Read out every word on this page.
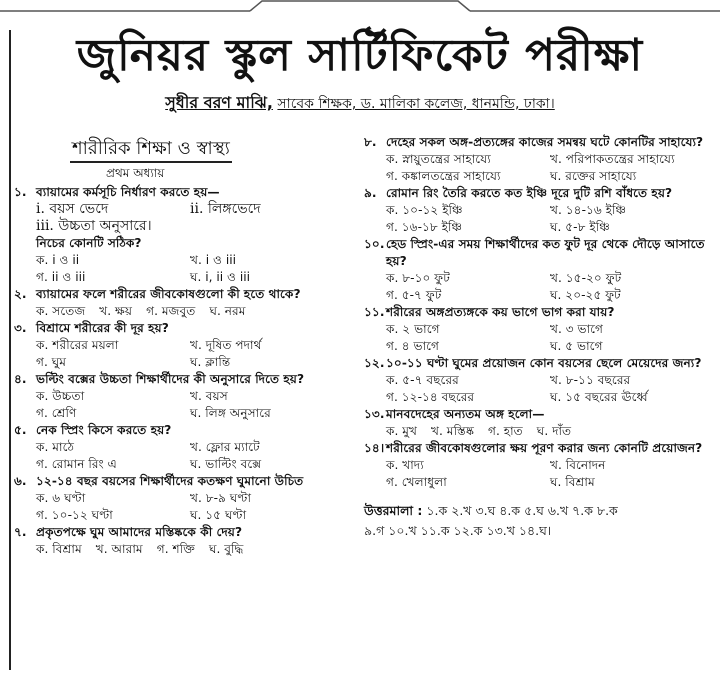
জুনিয়র স্কুল সার্টিফিকেট পরীক্ষা
সুধীর বরণ মাঝি, সাবেক শিক্ষক, ড. মালিকা কলেজ, ধানমন্ডি, ঢাকা।
শারীরিক শিক্ষা ও স্বাস্থ্য
প্রথম অধ্যায়
১. ব্যায়ামের কর্মসূচি নির্ধারণ করতে হয়—
i. বয়স ভেদে	ii. লিঙ্গভেদে
iii. উচ্চতা অনুসারে।
নিচের কোনটি সঠিক?
ক. i ও ii	খ. i ও iii
গ. ii ও iii	ঘ. i, ii ও iii
২. ব্যায়ামের ফলে শরীরের জীবকোষগুলো কী হতে থাকে?
ক. সতেজ খ. ক্ষয় গ. মজবুত ঘ. নরম
৩. বিশ্রামে শরীরের কী দূর হয়?
ক. শরীরের ময়লা	খ. দূষিত পদার্থ
গ. ঘুম	ঘ. ক্লান্তি
৪. ভল্টিং বক্সের উচ্চতা শিক্ষার্থীদের কী অনুসারে দিতে হয়?
ক. উচ্চতা	খ. বয়স
গ. শ্রেণি	ঘ. লিঙ্গ অনুসারে
৫. নেক স্প্রিং কিসে করতে হয়?
ক. মাঠে	খ. ফ্লোর ম্যাটে
গ. রোমান রিং এ	ঘ. ভাল্টিং বক্সে
৬. ১২-১৪ বছর বয়সের শিক্ষার্থীদের কতক্ষণ ঘুমানো উচিত
ক. ৬ ঘণ্টা	খ. ৮-৯ ঘণ্টা
গ. ১০-১২ ঘণ্টা	ঘ. ১৫ ঘণ্টা
৭. প্রকৃতপক্ষে ঘুম আমাদের মস্তিষ্ককে কী দেয়?
ক. বিশ্রাম খ. আরাম গ. শক্তি ঘ. বুদ্ধি
৮. দেহের সকল অঙ্গ-প্রত্যঙ্গের কাজের সমন্বয় ঘটে কোনটির সাহায্যে?
ক. স্নায়ুতন্ত্রের সাহায্যে	খ. পরিপাকতন্ত্রের সাহায্যে
গ. কঙ্কালতন্ত্রের সাহায্যে	ঘ. রক্তের সাহায্যে
৯. রোমান রিং তৈরি করতে কত ইঞ্চি দূরে দুটি রশি বাঁধতে হয়?
ক. ১০-১২ ইঞ্চি	খ. ১৪-১৬ ইঞ্চি
গ. ১৬-১৮ ইঞ্চি	ঘ. ৫-৮ ইঞ্চি
১০. হেড স্প্রিং-এর সময় শিক্ষার্থীদের কত ফুট দূর থেকে দৌড়ে আসাতে হয়?
ক. ৮-১০ ফুট	খ. ১৫-২০ ফুট
গ. ৫-৭ ফুট	ঘ. ২০-২৫ ফুট
১১. শরীরের অঙ্গপ্রত্যঙ্গকে কয় ভাগে ভাগ করা যায়?
ক. ২ ভাগে	খ. ৩ ভাগে
গ. ৪ ভাগে	ঘ. ৫ ভাগে
১২. ১০-১১ ঘণ্টা ঘুমের প্রয়োজন কোন বয়সের ছেলে মেয়েদের জন্য?
ক. ৫-৭ বছরের	খ. ৮-১১ বছরের
গ. ১২-১৪ বছরের	ঘ. ১৫ বছরের ঊর্ধ্বে
১৩. মানবদেহের অন্যতম অঙ্গ হলো—
ক. মুখ খ. মস্তিষ্ক গ. হাত ঘ. দাঁত
১৪। শরীরের জীবকোষগুলোর ক্ষয় পূরণ করার জন্য কোনটি প্রয়োজন?
ক. খাদ্য	খ. বিনোদন
গ. খেলাধুলা	ঘ. বিশ্রাম
উত্তরমালা : ১.ক ২.খ ৩.ঘ ৪.ক ৫.ঘ ৬.খ ৭.ক ৮.ক
৯.গ ১০.খ ১১.ক ১২.ক ১৩.খ ১৪.ঘ।
